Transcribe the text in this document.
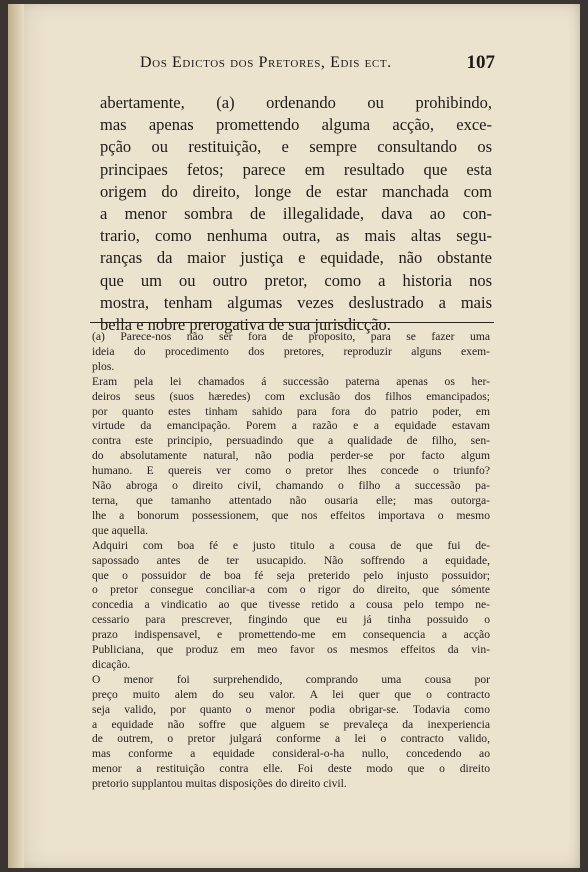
Dos Edictos dos Pretores, Edis ect.	107
abertamente, (a) ordenando ou prohibindo,
mas apenas promettendo alguma acção, exce-
pção ou restituição, e sempre consultando os
principaes fetos; parece em resultado que esta
origem do direito, longe de estar manchada com
a menor sombra de illegalidade, dava ao con-
trario, como nenhuma outra, as mais altas segu-
ranças da maior justiça e equidade, não obstante
que um ou outro pretor, como a historia nos
mostra, tenham algumas vezes deslustrado a mais
bella e nobre prerogativa de sua jurisdicção.
(a) Parece-nos não ser fora de proposito, para se fazer uma
ideia do procedimento dos pretores, reproduzir alguns exem-
plos.
Eram pela lei chamados á successão paterna apenas os her-
deiros seus (suos hæredes) com exclusão dos filhos emancipados;
por quanto estes tinham sahido para fora do patrio poder, em
virtude da emancipação. Porem a razão e a equidade estavam
contra este principio, persuadindo que a qualidade de filho, sen-
do absolutamente natural, não podia perder-se por facto algum
humano. E quereis ver como o pretor lhes concede o triunfo?
Não abroga o direito civil, chamando o filho a successão pa-
terna, que tamanho attentado não ousaria elle; mas outorga-
lhe a bonorum possessionem, que nos effeitos importava o mesmo
que aquella.
Adquiri com boa fé e justo titulo a cousa de que fui de-
sapossado antes de ter usucapido. Não soffrendo a equidade,
que o possuidor de boa fé seja preterido pelo injusto possuidor;
o pretor consegue conciliar-a com o rigor do direito, que sómente
concedia a vindicatio ao que tivesse retido a cousa pelo tempo ne-
cessario para prescrever, fingindo que eu já tinha possuido o
prazo indispensavel, e promettendo-me em consequencia a acção
Publiciana, que produz em meo favor os mesmos effeitos da vin-
dicação.
O menor foi surprehendido, comprando uma cousa por
preço muito alem do seu valor. A lei quer que o contracto
seja valido, por quanto o menor podia obrigar-se. Todavia como
a equidade não soffre que alguem se prevaleça da inexperiencia
de outrem, o pretor julgará conforme a lei o contracto valido,
mas conforme a equidade consideral-o-ha nullo, concedendo ao
menor a restituição contra elle. Foi deste modo que o direito
pretorio supplantou muitas disposições do direito civil.
